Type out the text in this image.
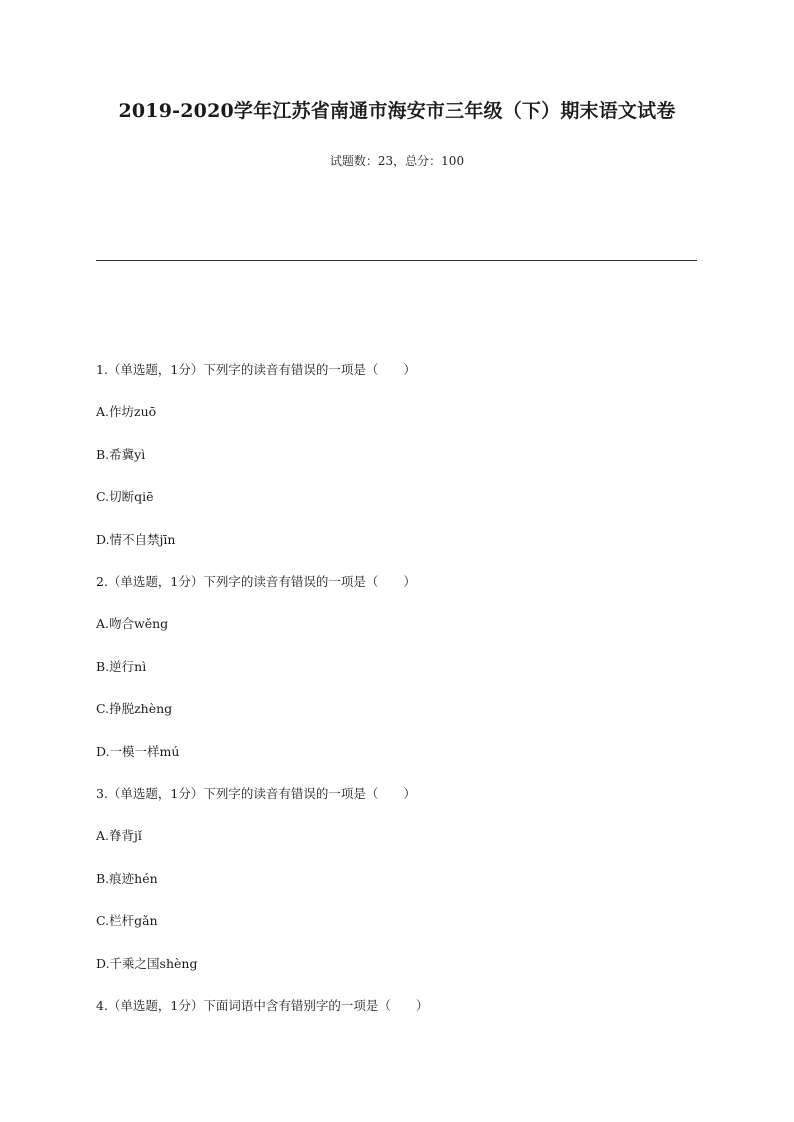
2019-2020学年江苏省南通市海安市三年级（下）期末语文试卷
试题数：23，总分：100
1.（单选题，1分）下列字的读音有错误的一项是（　　）
A.作坊zuō
B.希冀yì
C.切断qiē
D.情不自禁jīn
2.（单选题，1分）下列字的读音有错误的一项是（　　）
A.吻合wěng
B.逆行nì
C.挣脱zhèng
D.一模一样mú
3.（单选题，1分）下列字的读音有错误的一项是（　　）
A.脊背jǐ
B.痕迹hén
C.栏杆gǎn
D.千乘之国shèng
4.（单选题，1分）下面词语中含有错别字的一项是（　　）
